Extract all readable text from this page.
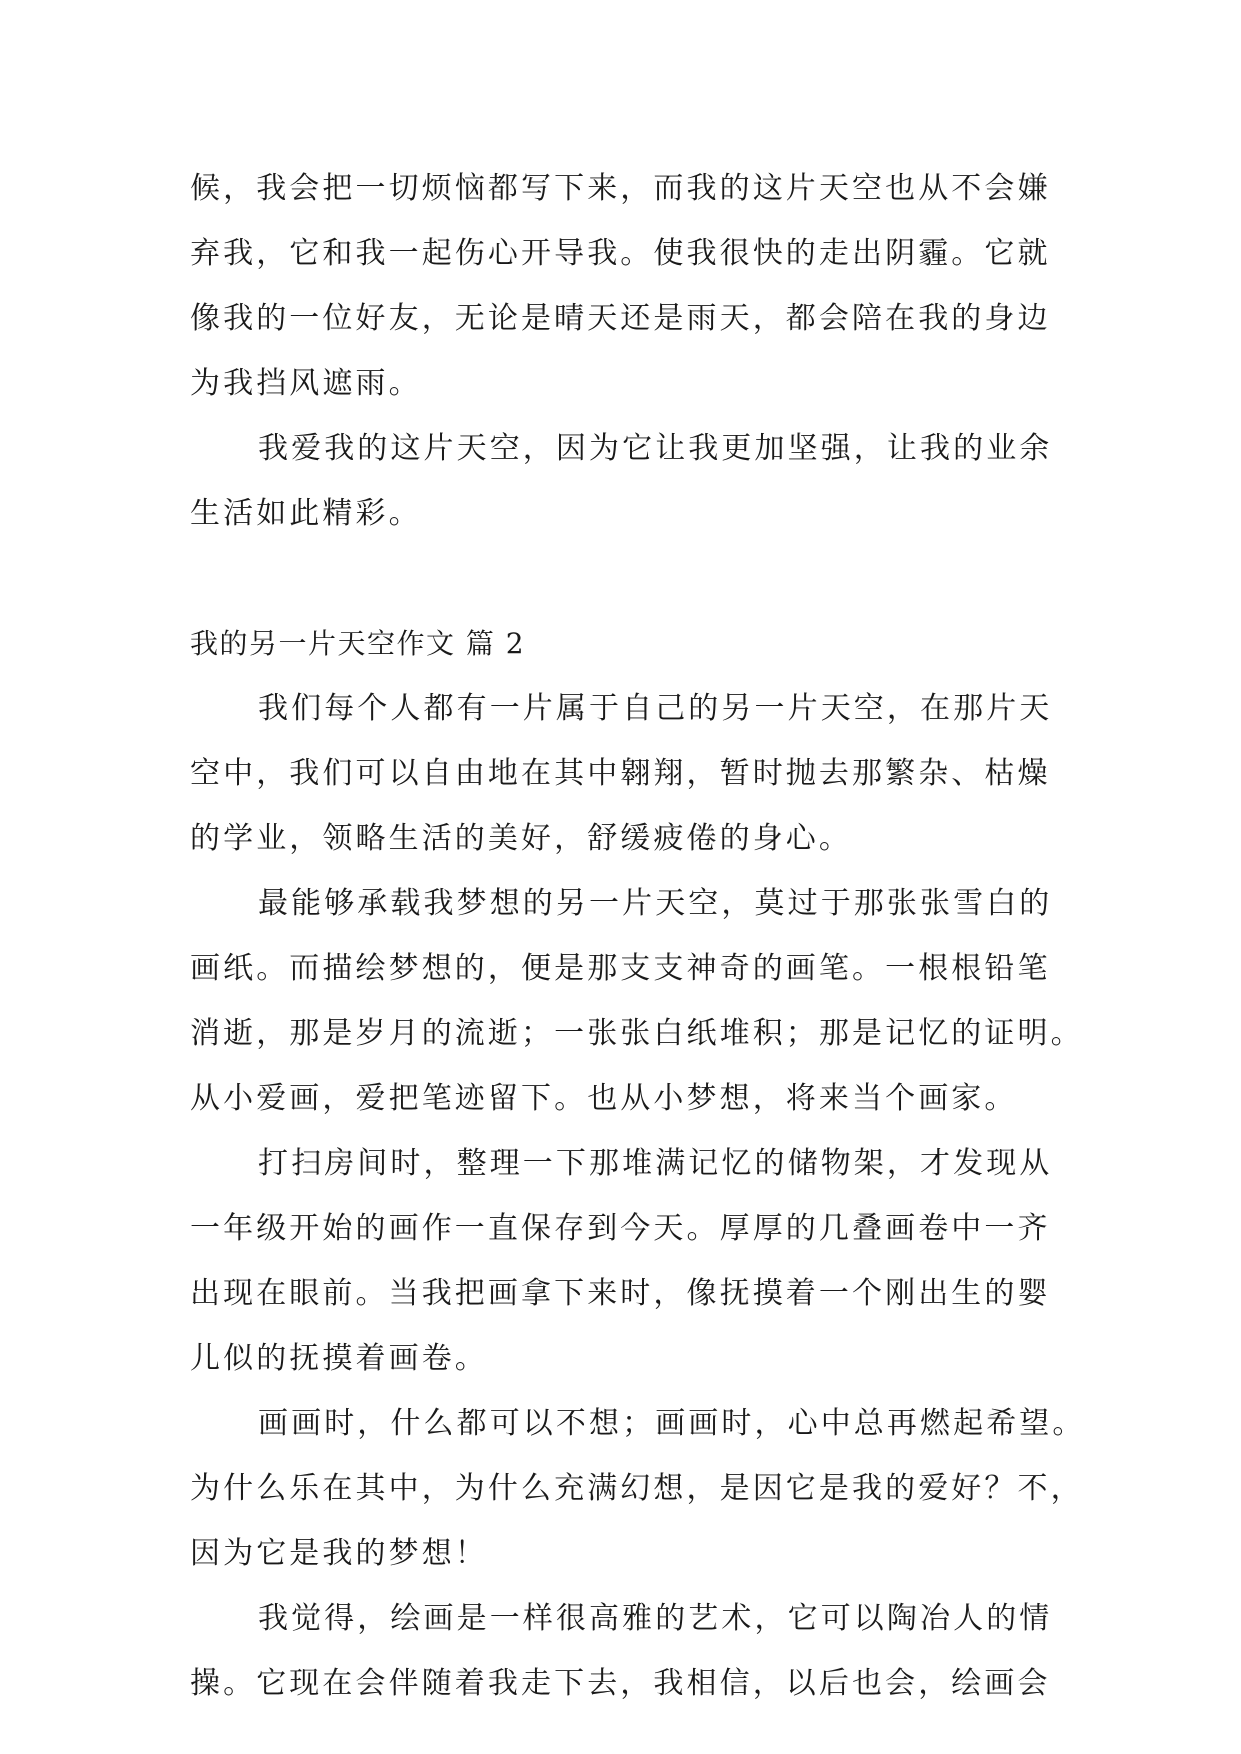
候，我会把一切烦恼都写下来，而我的这片天空也从不会嫌
弃我，它和我一起伤心开导我。使我很快的走出阴霾。它就
像我的一位好友，无论是晴天还是雨天，都会陪在我的身边
为我挡风遮雨。
我爱我的这片天空，因为它让我更加坚强，让我的业余
生活如此精彩。
我的另一片天空作文 篇 2
我们每个人都有一片属于自己的另一片天空，在那片天
空中，我们可以自由地在其中翱翔，暂时抛去那繁杂、枯燥
的学业，领略生活的美好，舒缓疲倦的身心。
最能够承载我梦想的另一片天空，莫过于那张张雪白的
画纸。而描绘梦想的，便是那支支神奇的画笔。一根根铅笔
消逝，那是岁月的流逝；一张张白纸堆积；那是记忆的证明。
从小爱画，爱把笔迹留下。也从小梦想，将来当个画家。
打扫房间时，整理一下那堆满记忆的储物架，才发现从
一年级开始的画作一直保存到今天。厚厚的几叠画卷中一齐
出现在眼前。当我把画拿下来时，像抚摸着一个刚出生的婴
儿似的抚摸着画卷。
画画时，什么都可以不想；画画时，心中总再燃起希望。
为什么乐在其中，为什么充满幻想，是因它是我的爱好？不，
因为它是我的梦想！
我觉得，绘画是一样很高雅的艺术，它可以陶冶人的情
操。它现在会伴随着我走下去，我相信，以后也会，绘画会
